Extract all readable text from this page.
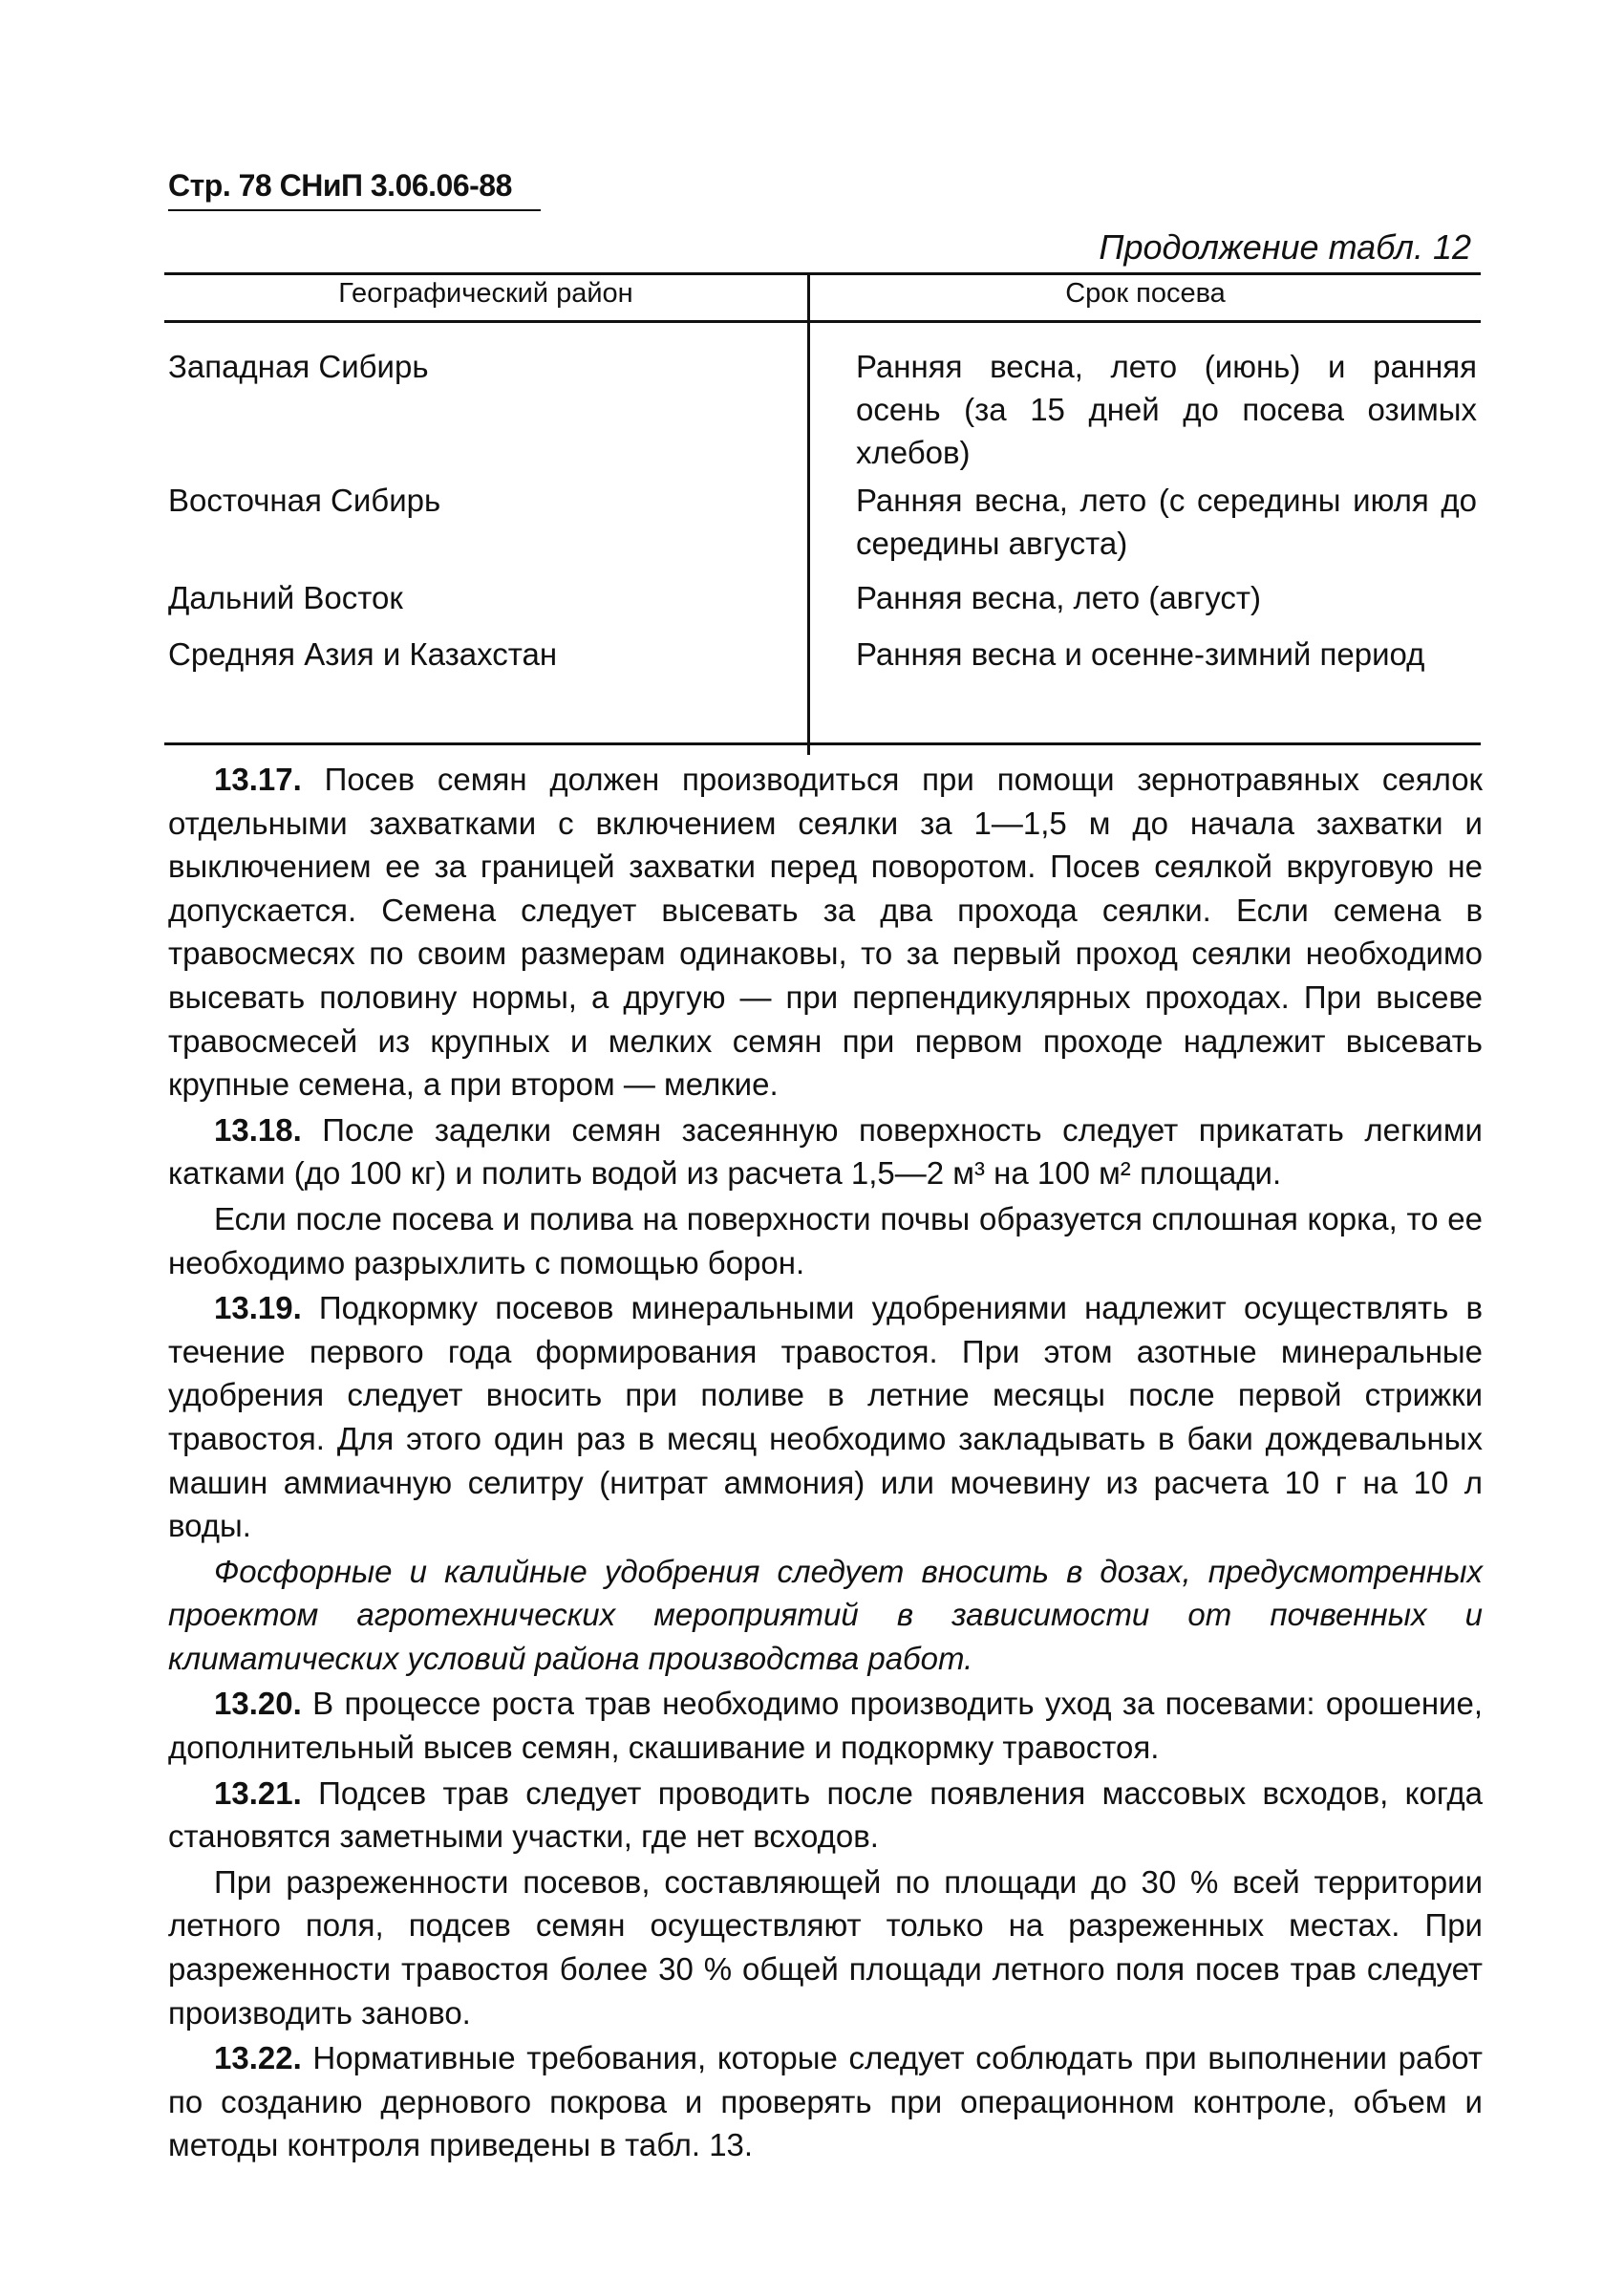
Стр. 78 СНиП 3.06.06-88
Продолжение табл. 12
Географический район	Срок посева
Западная Сибирь	Ранняя весна, лето (июнь) и ранняя осень (за 15 дней до посева озимых хлебов)
Восточная Сибирь	Ранняя весна, лето (с середины июля до середины августа)
Дальний Восток	Ранняя весна, лето (август)
Средняя Азия и Казахстан	Ранняя весна и осенне-зимний период

13.17. Посев семян должен производиться при помощи зернотравяных сеялок отдельными захватками с включением сеялки за 1—1,5 м до начала захватки и выключением ее за границей захватки перед поворотом. Посев сеялкой вкруговую не допускается. Семена следует высевать за два прохода сеялки. Если семена в травосмесях по своим размерам одинаковы, то за первый проход сеялки необходимо высевать половину нормы, а другую — при перпендикулярных проходах. При высеве травосмесей из крупных и мелких семян при первом проходе надлежит высевать крупные семена, а при втором — мелкие.

13.18. После заделки семян засеянную поверхность следует прикатать легкими катками (до 100 кг) и полить водой из расчета 1,5—2 м³ на 100 м² площади.

Если после посева и полива на поверхности почвы образуется сплошная корка, то ее необходимо разрыхлить с помощью борон.

13.19. Подкормку посевов минеральными удобрениями надлежит осуществлять в течение первого года формирования травостоя. При этом азотные минеральные удобрения следует вносить при поливе в летние месяцы после первой стрижки травостоя. Для этого один раз в месяц необходимо закладывать в баки дождевальных машин аммиачную селитру (нитрат аммония) или мочевину из расчета 10 г на 10 л воды.

Фосфорные и калийные удобрения следует вносить в дозах, предусмотренных проектом агротехнических мероприятий в зависимости от почвенных и климатических условий района производства работ.

13.20. В процессе роста трав необходимо производить уход за посевами: орошение, дополнительный высев семян, скашивание и подкормку травостоя.

13.21. Подсев трав следует проводить после появления массовых всходов, когда становятся заметными участки, где нет всходов.

При разреженности посевов, составляющей по площади до 30 % всей территории летного поля, подсев семян осуществляют только на разреженных местах. При разреженности травостоя более 30 % общей площади летного поля посев трав следует производить заново.

13.22. Нормативные требования, которые следует соблюдать при выполнении работ по созданию дернового покрова и проверять при операционном контроле, объем и методы контроля приведены в табл. 13.
